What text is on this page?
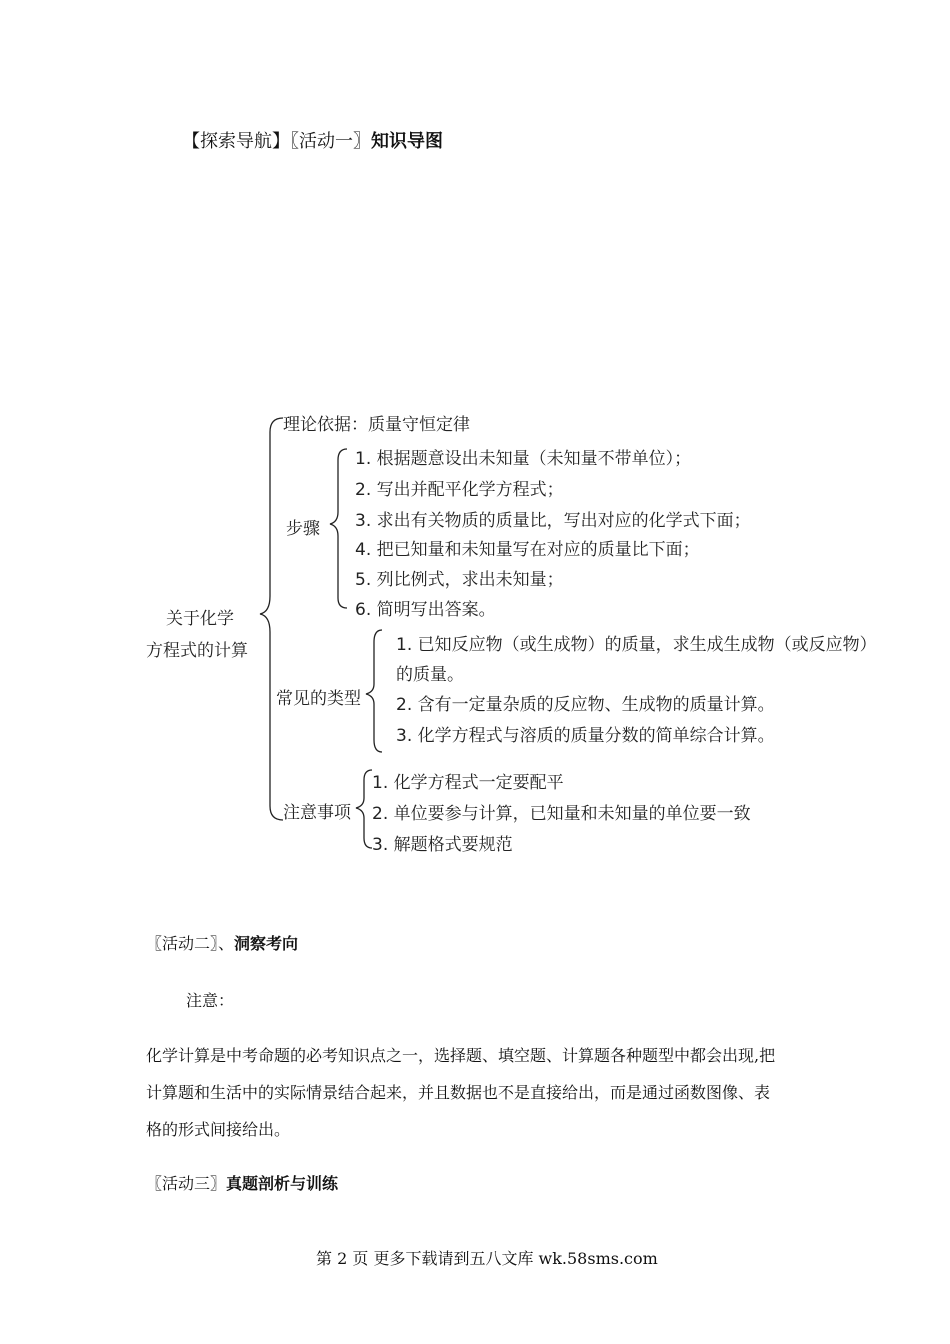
【探索导航】〖活动一〗知识导图
关于化学
方程式的计算
理论依据：质量守恒定律
步骤
1. 根据题意设出未知量（未知量不带单位）；
2. 写出并配平化学方程式；
3. 求出有关物质的质量比，写出对应的化学式下面；
4. 把已知量和未知量写在对应的质量比下面；
5. 列比例式，求出未知量；
6. 简明写出答案。
常见的类型
1. 已知反应物（或生成物）的质量，求生成生成物（或反应物）
的质量。
2. 含有一定量杂质的反应物、生成物的质量计算。
3. 化学方程式与溶质的质量分数的简单综合计算。
注意事项
1. 化学方程式一定要配平
2. 单位要参与计算，已知量和未知量的单位要一致
3. 解题格式要规范
〖活动二〗、洞察考向
注意：
化学计算是中考命题的必考知识点之一，选择题、填空题、计算题各种题型中都会出现,把
计算题和生活中的实际情景结合起来，并且数据也不是直接给出，而是通过函数图像、表
格的形式间接给出。
〖活动三〗真题剖析与训练
第 2 页 更多下载请到五八文库 wk.58sms.com
